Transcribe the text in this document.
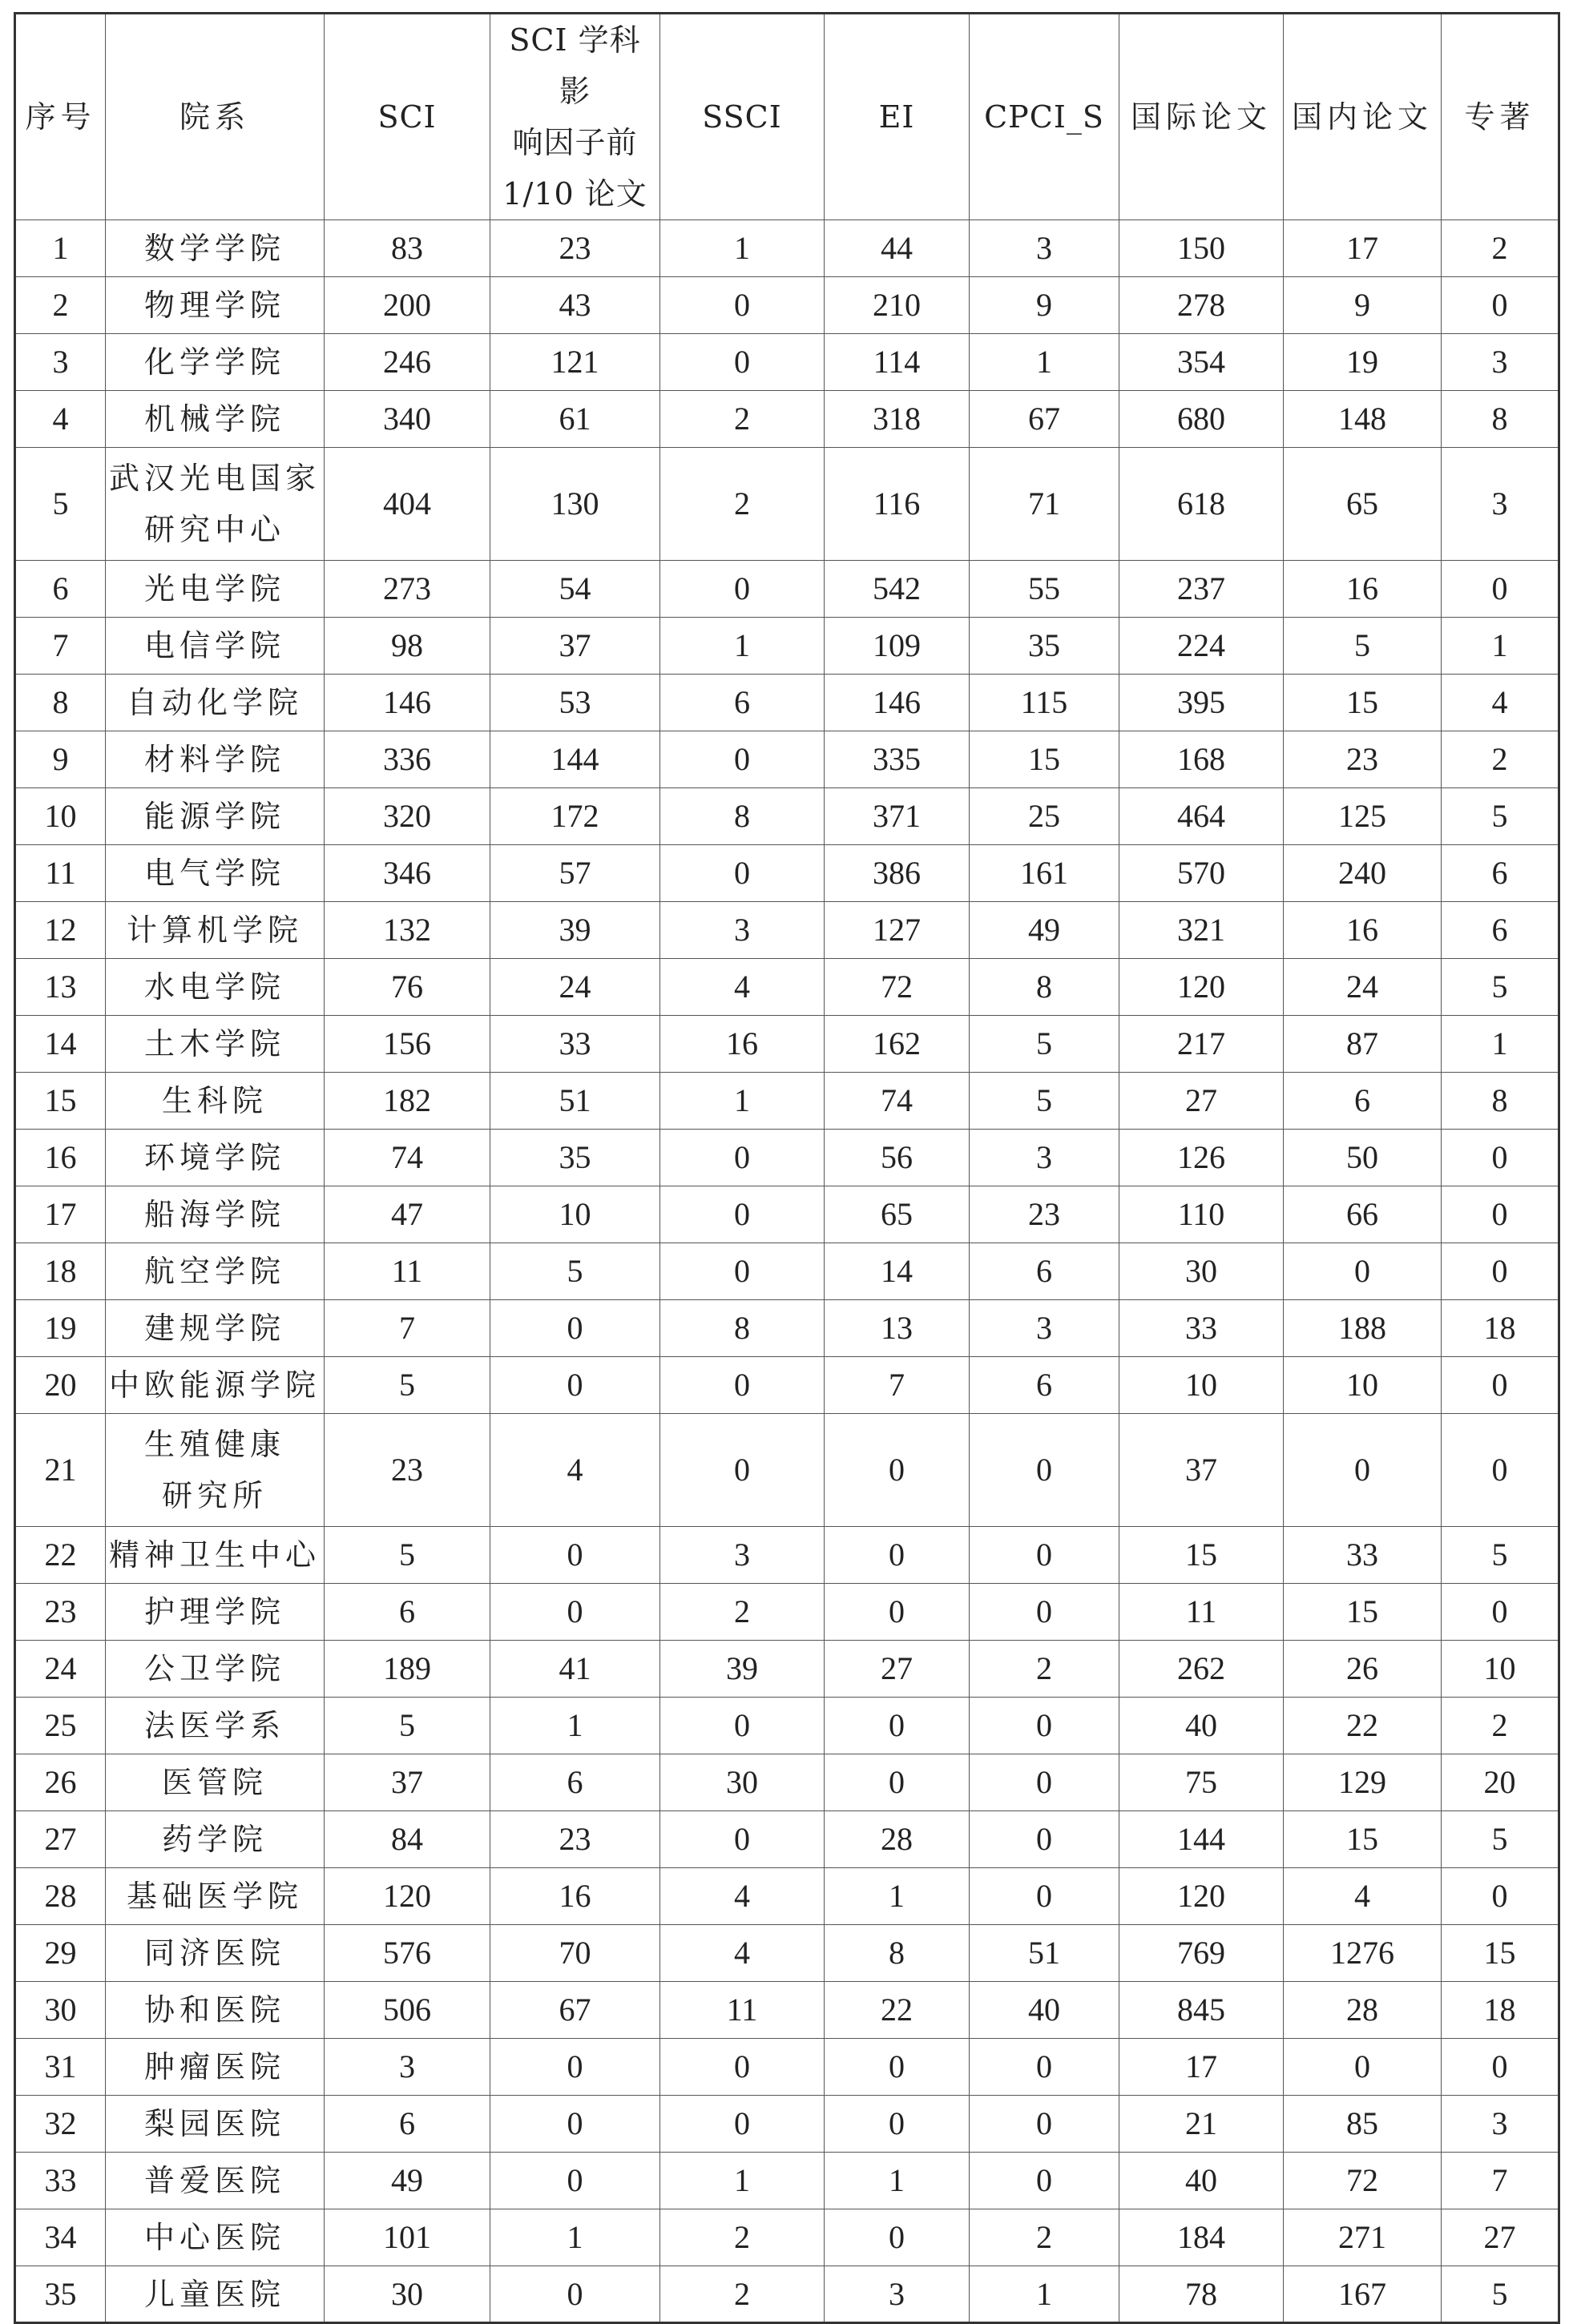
序号	院系	SCI	SCI 学科影
响因子前
1/10 论文	SSCI	EI	CPCI_S	国际论文	国内论文	专著
1	数学学院	83	23	1	44	3	150	17	2
2	物理学院	200	43	0	210	9	278	9	0
3	化学学院	246	121	0	114	1	354	19	3
4	机械学院	340	61	2	318	67	680	148	8
5	武汉光电国家
研究中心	404	130	2	116	71	618	65	3
6	光电学院	273	54	0	542	55	237	16	0
7	电信学院	98	37	1	109	35	224	5	1
8	自动化学院	146	53	6	146	115	395	15	4
9	材料学院	336	144	0	335	15	168	23	2
10	能源学院	320	172	8	371	25	464	125	5
11	电气学院	346	57	0	386	161	570	240	6
12	计算机学院	132	39	3	127	49	321	16	6
13	水电学院	76	24	4	72	8	120	24	5
14	土木学院	156	33	16	162	5	217	87	1
15	生科院	182	51	1	74	5	27	6	8
16	环境学院	74	35	0	56	3	126	50	0
17	船海学院	47	10	0	65	23	110	66	0
18	航空学院	11	5	0	14	6	30	0	0
19	建规学院	7	0	8	13	3	33	188	18
20	中欧能源学院	5	0	0	7	6	10	10	0
21	生殖健康
研究所	23	4	0	0	0	37	0	0
22	精神卫生中心	5	0	3	0	0	15	33	5
23	护理学院	6	0	2	0	0	11	15	0
24	公卫学院	189	41	39	27	2	262	26	10
25	法医学系	5	1	0	0	0	40	22	2
26	医管院	37	6	30	0	0	75	129	20
27	药学院	84	23	0	28	0	144	15	5
28	基础医学院	120	16	4	1	0	120	4	0
29	同济医院	576	70	4	8	51	769	1276	15
30	协和医院	506	67	11	22	40	845	28	18
31	肿瘤医院	3	0	0	0	0	17	0	0
32	梨园医院	6	0	0	0	0	21	85	3
33	普爱医院	49	0	1	1	0	40	72	7
34	中心医院	101	1	2	0	2	184	271	27
35	儿童医院	30	0	2	3	1	78	167	5
